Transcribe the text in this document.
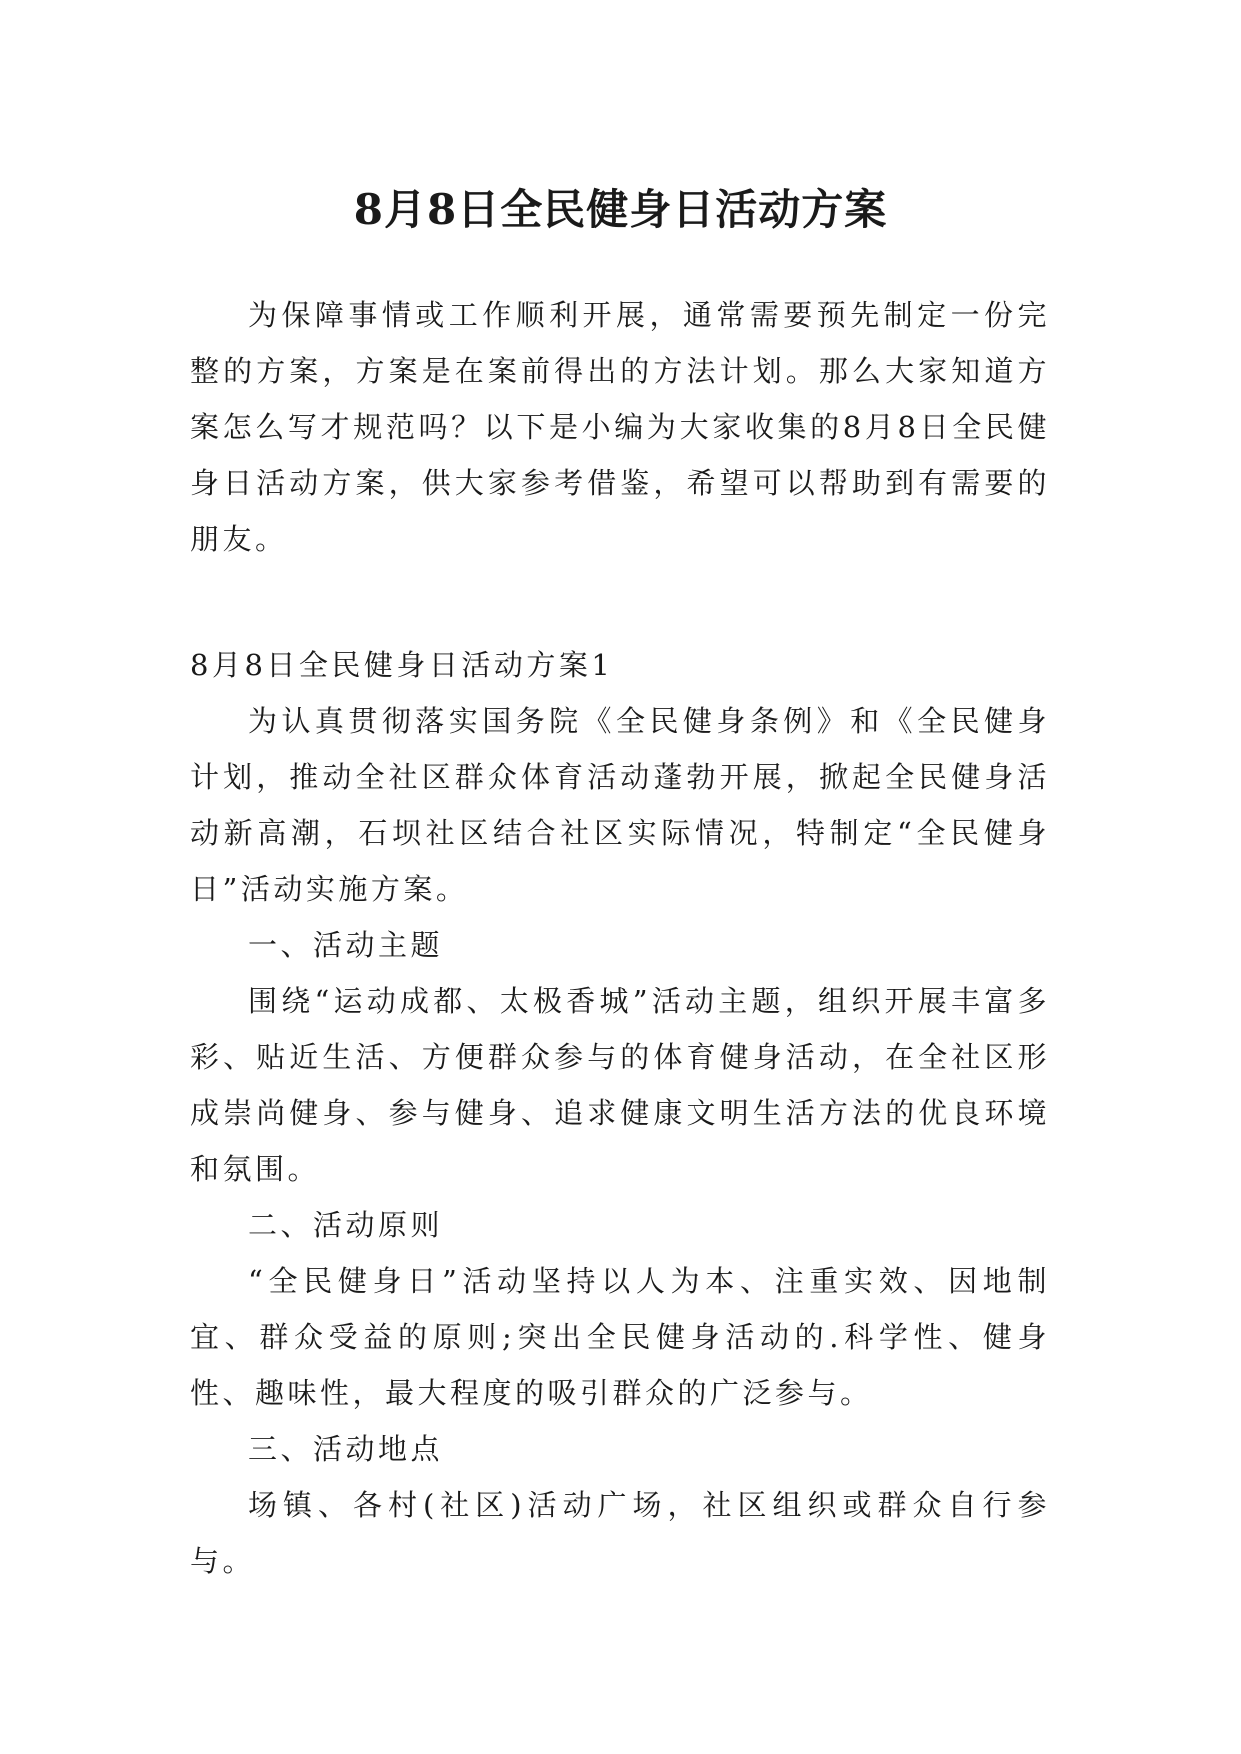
8月8日全民健身日活动方案

为保障事情或工作顺利开展，通常需要预先制定一份完整的方案，方案是在案前得出的方法计划。那么大家知道方案怎么写才规范吗？以下是小编为大家收集的8月8日全民健身日活动方案，供大家参考借鉴，希望可以帮助到有需要的朋友。

8月8日全民健身日活动方案1

为认真贯彻落实国务院《全民健身条例》和《全民健身计划，推动全社区群众体育活动蓬勃开展，掀起全民健身活动新高潮，石坝社区结合社区实际情况，特制定“全民健身日”活动实施方案。

一、活动主题

围绕“运动成都、太极香城”活动主题，组织开展丰富多彩、贴近生活、方便群众参与的体育健身活动，在全社区形成崇尚健身、参与健身、追求健康文明生活方法的优良环境和氛围。

二、活动原则

“全民健身日”活动坚持以人为本、注重实效、因地制宜、群众受益的原则;突出全民健身活动的.科学性、健身性、趣味性，最大程度的吸引群众的广泛参与。

三、活动地点

场镇、各村(社区)活动广场，社区组织或群众自行参与。
